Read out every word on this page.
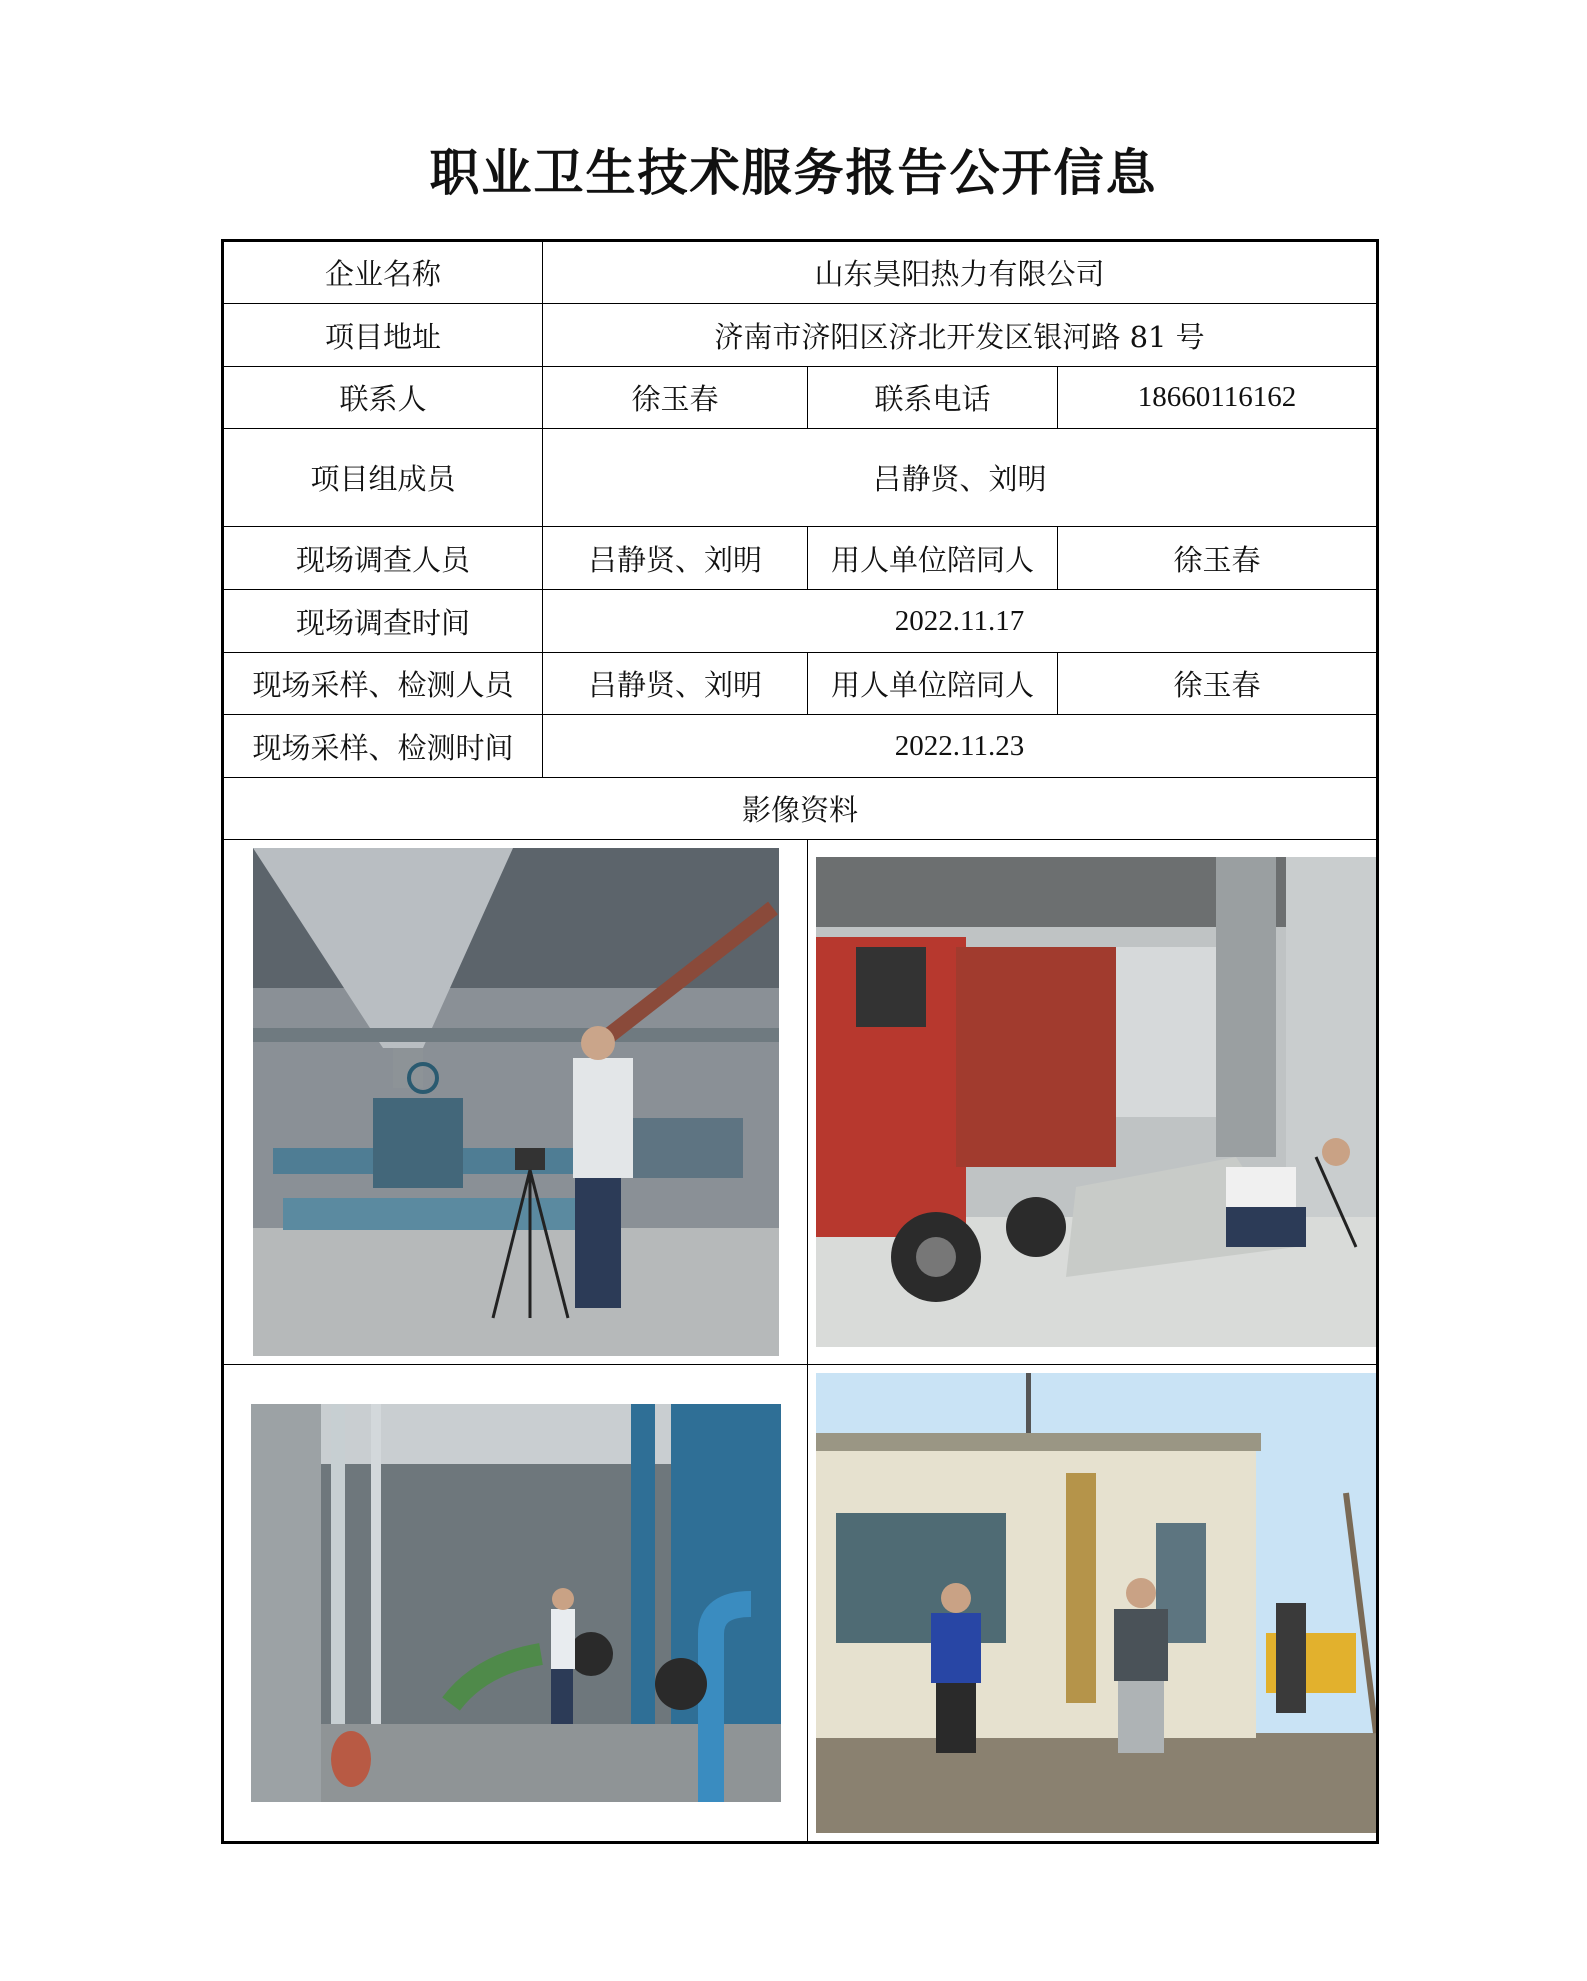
职业卫生技术服务报告公开信息
企业名称	山东昊阳热力有限公司		
项目地址	济南市济阳区济北开发区银河路 81 号		
联系人	徐玉春	联系电话	18660116162
项目组成员	吕静贤、刘明		
现场调查人员	吕静贤、刘明	用人单位陪同人	徐玉春
现场调查时间	2022.11.17		
现场采样、检测人员	吕静贤、刘明	用人单位陪同人	徐玉春
现场采样、检测时间	2022.11.23		
影像资料			
